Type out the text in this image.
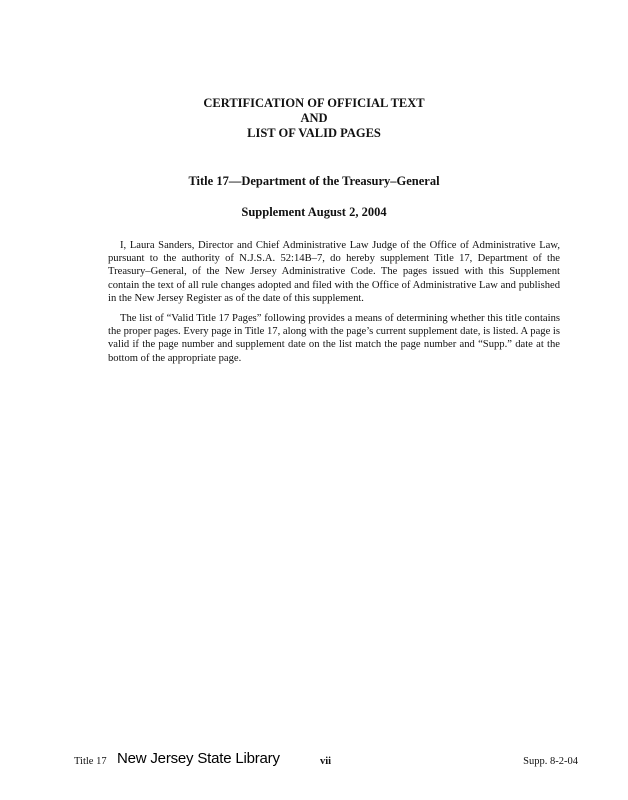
CERTIFICATION OF OFFICIAL TEXT
AND
LIST OF VALID PAGES
Title 17—Department of the Treasury–General
Supplement August 2, 2004

I, Laura Sanders, Director and Chief Administrative Law Judge of the Office of Administrative Law, pursuant to the authority of N.J.S.A. 52:14B–7, do hereby supplement Title 17, Department of the Treasury–General, of the New Jersey Administrative Code. The pages issued with this Supplement contain the text of all rule changes adopted and filed with the Office of Administrative Law and published in the New Jersey Register as of the date of this supplement.

The list of “Valid Title 17 Pages” following provides a means of determining whether this title contains the proper pages. Every page in Title 17, along with the page’s current supplement date, is listed. A page is valid if the page number and supplement date on the list match the page number and “Supp.” date at the bottom of the appropriate page.

Title 17 New Jersey State Library	vii	Supp. 8-2-04
